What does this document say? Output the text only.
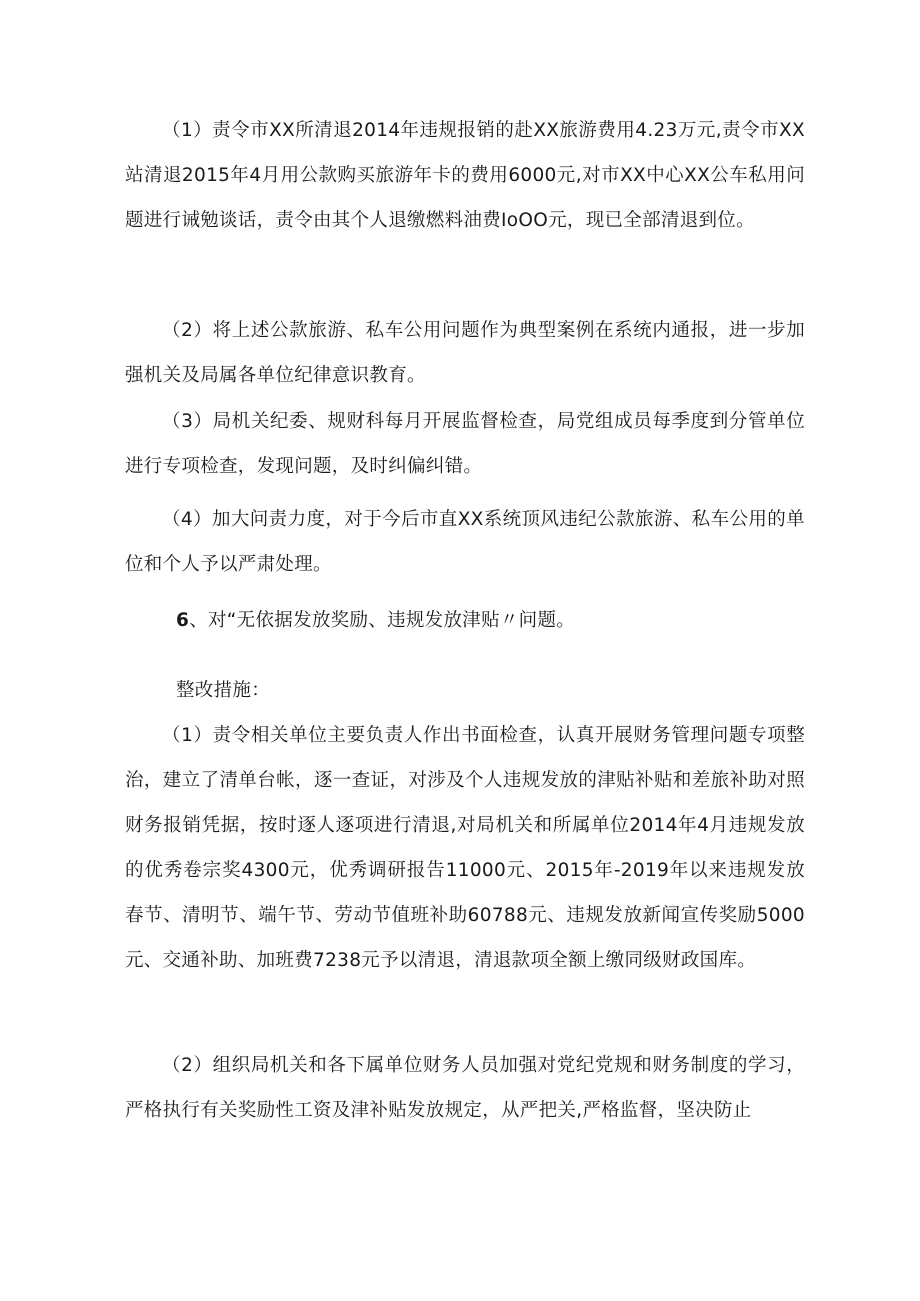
（1）责令市XX所清退2014年违规报销的赴XX旅游费用4.23万元,责令市XX站清退2015年4月用公款购买旅游年卡的费用6000元,对市XX中心XX公车私用问题进行诫勉谈话，责令由其个人退缴燃料油费IoOO元，现已全部清退到位。

（2）将上述公款旅游、私车公用问题作为典型案例在系统内通报，进一步加强机关及局属各单位纪律意识教育。

（3）局机关纪委、规财科每月开展监督检查，局党组成员每季度到分管单位进行专项检查，发现问题，及时纠偏纠错。

（4）加大问责力度，对于今后市直XX系统顶风违纪公款旅游、私车公用的单位和个人予以严肃处理。

6、对“无依据发放奖励、违规发放津贴〃问题。

整改措施：

（1）责令相关单位主要负责人作出书面检查，认真开展财务管理问题专项整治，建立了清单台帐，逐一查证，对涉及个人违规发放的津贴补贴和差旅补助对照财务报销凭据，按时逐人逐项进行清退,对局机关和所属单位2014年4月违规发放的优秀卷宗奖4300元，优秀调研报告11000元、2015年-2019年以来违规发放春节、清明节、端午节、劳动节值班补助60788元、违规发放新闻宣传奖励5000元、交通补助、加班费7238元予以清退，清退款项全额上缴同级财政国库。

（2）组织局机关和各下属单位财务人员加强对党纪党规和财务制度的学习，严格执行有关奖励性工资及津补贴发放规定，从严把关,严格监督，坚决防止
